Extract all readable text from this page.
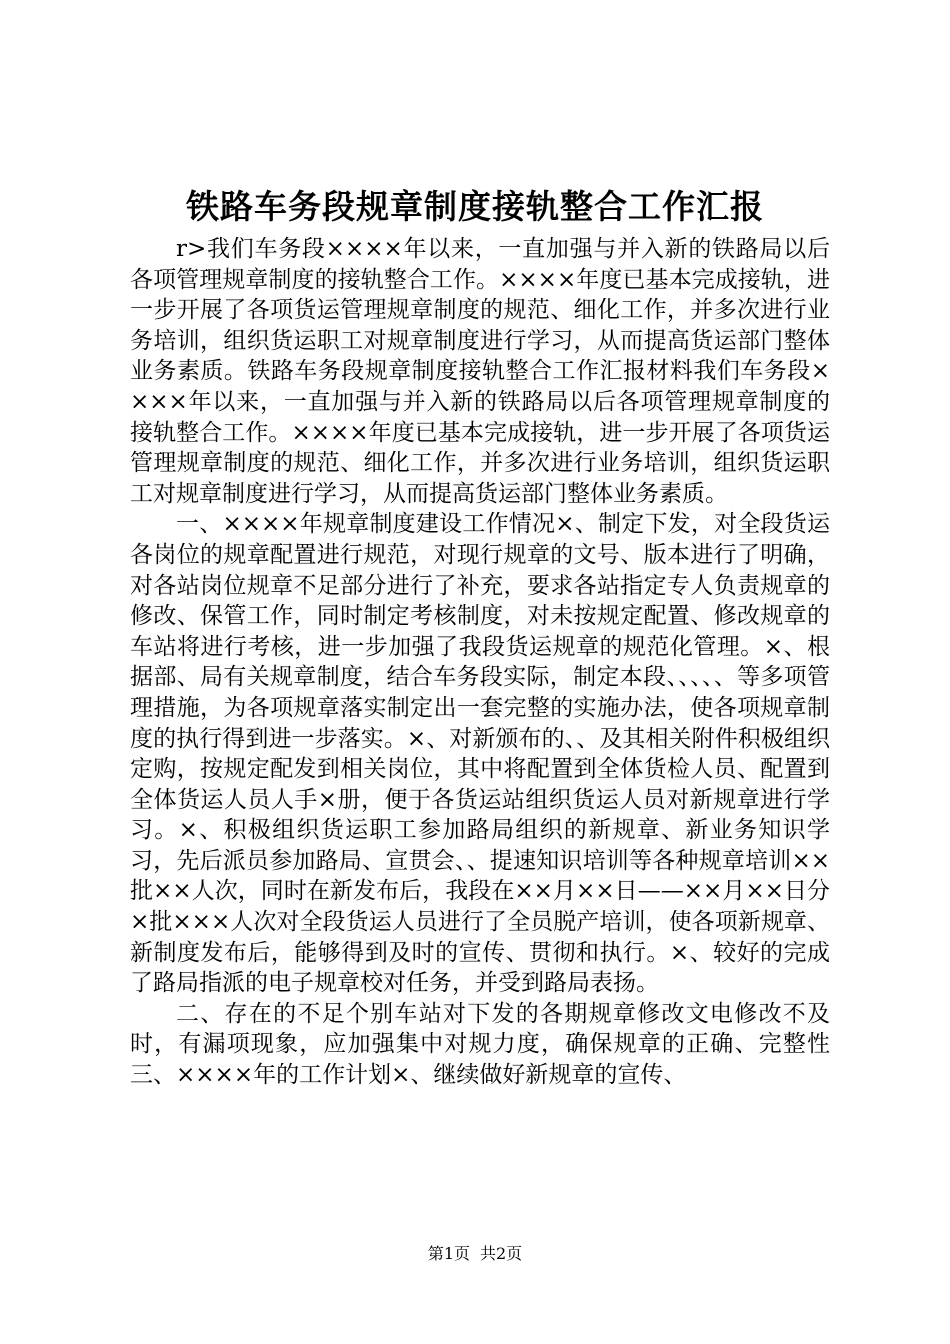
铁路车务段规章制度接轨整合工作汇报

r>我们车务段××××年以来，一直加强与并入新的铁路局以后各项管理规章制度的接轨整合工作。××××年度已基本完成接轨，进一步开展了各项货运管理规章制度的规范、细化工作，并多次进行业务培训，组织货运职工对规章制度进行学习，从而提高货运部门整体业务素质。铁路车务段规章制度接轨整合工作汇报材料我们车务段××××年以来，一直加强与并入新的铁路局以后各项管理规章制度的接轨整合工作。××××年度已基本完成接轨，进一步开展了各项货运管理规章制度的规范、细化工作，并多次进行业务培训，组织货运职工对规章制度进行学习，从而提高货运部门整体业务素质。

一、××××年规章制度建设工作情况×、制定下发，对全段货运各岗位的规章配置进行规范，对现行规章的文号、版本进行了明确，对各站岗位规章不足部分进行了补充，要求各站指定专人负责规章的修改、保管工作，同时制定考核制度，对未按规定配置、修改规章的车站将进行考核，进一步加强了我段货运规章的规范化管理。×、根据部、局有关规章制度，结合车务段实际，制定本段、、、、、等多项管理措施，为各项规章落实制定出一套完整的实施办法，使各项规章制度的执行得到进一步落实。×、对新颁布的、、及其相关附件积极组织定购，按规定配发到相关岗位，其中将配置到全体货检人员、配置到全体货运人员人手×册，便于各货运站组织货运人员对新规章进行学习。×、积极组织货运职工参加路局组织的新规章、新业务知识学习，先后派员参加路局、宣贯会、、提速知识培训等各种规章培训××批××人次，同时在新发布后，我段在××月××日——××月××日分×批×××人次对全段货运人员进行了全员脱产培训，使各项新规章、新制度发布后，能够得到及时的宣传、贯彻和执行。×、较好的完成了路局指派的电子规章校对任务，并受到路局表扬。

二、存在的不足个别车站对下发的各期规章修改文电修改不及时，有漏项现象，应加强集中对规力度，确保规章的正确、完整性三、××××年的工作计划×、继续做好新规章的宣传、

第1页 共2页
